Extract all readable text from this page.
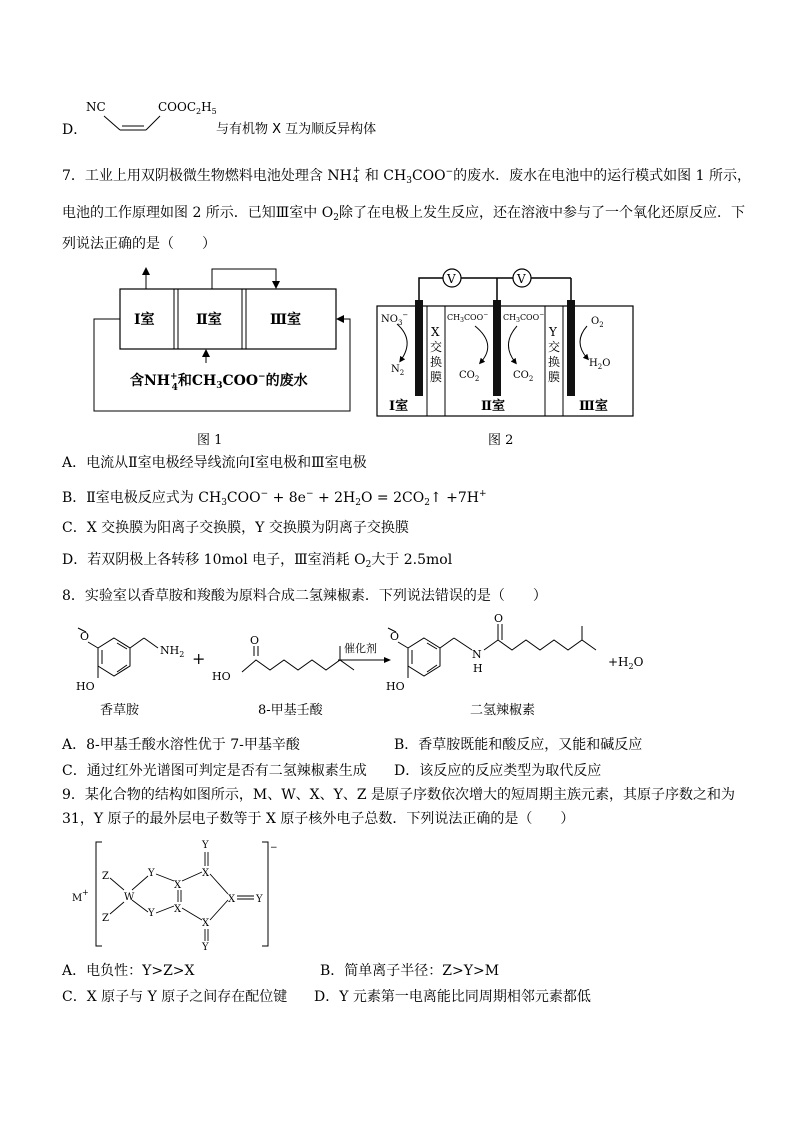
NC	$COOC_2H_5$
D．	与有机物 X 互为顺反异构体
7．工业上用双阴极微生物燃料电池处理含 NH +
4 和 $CH_3COO^-$的废水．废水在电池中的运行模式如图 1 所示，
电池的工作原理如图 2 所示．已知Ⅲ室中 $O_2$除了在电极上发生反应，还在溶液中参与了一个氧化还原反应．下
列说法正确的是（　　）
Ⅰ室	Ⅱ室	Ⅲ室
含NH+ 4和$CH_3COO^-$的废水
图 1
V	V
X
交
换
膜
Y
交
换
膜
$NO_3^-$
$N_2$
$CH_3COO^-$ $CH_3COO^-$
$CO_2$	$CO_2$
$O_2$
$H_2O$
Ⅰ室	Ⅱ室	Ⅲ室
图 2
A．电流从Ⅱ室电极经导线流向Ⅰ室电极和Ⅲ室电极
B．Ⅱ室电极反应式为 $CH_3COO^- + 8e^- + 2H_2O$ = $2CO_2↑ +7H^+$
C．X 交换膜为阳离子交换膜，Y 交换膜为阴离子交换膜
D．若双阴极上各转移 10mol 电子，Ⅲ室消耗 $O_2$大于 2.5mol
8．实验室以香草胺和羧酸为原料合成二氢辣椒素．下列说法错误的是（　　）
O
HO
$NH_2$ +
O
HO
催化剂
O
HO
N
H
O
$+H_2O$
香草胺	8-甲基壬酸	二氢辣椒素
A．8-甲基壬酸水溶性优于 7-甲基辛酸	B．香草胺既能和酸反应，又能和碱反应
C．通过红外光谱图可判定是否有二氢辣椒素生成 D．该反应的反应类型为取代反应
9．某化合物的结构如图所示，M、W、X、Y、Z 是原子序数依次增大的短周期主族元素，其原子序数之和为
31，Y 原子的最外层电子数等于 X 原子核外电子总数．下列说法正确的是（　　）
M
+
Z
Z
W
Y
Y
X
X
X
X
Y
Y
X Y
−
A．电负性：Y>Z>X	B．简单离子半径：Z>Y>M
C．X 原子与 Y 原子之间存在配位键 D．Y 元素第一电离能比同周期相邻元素都低
